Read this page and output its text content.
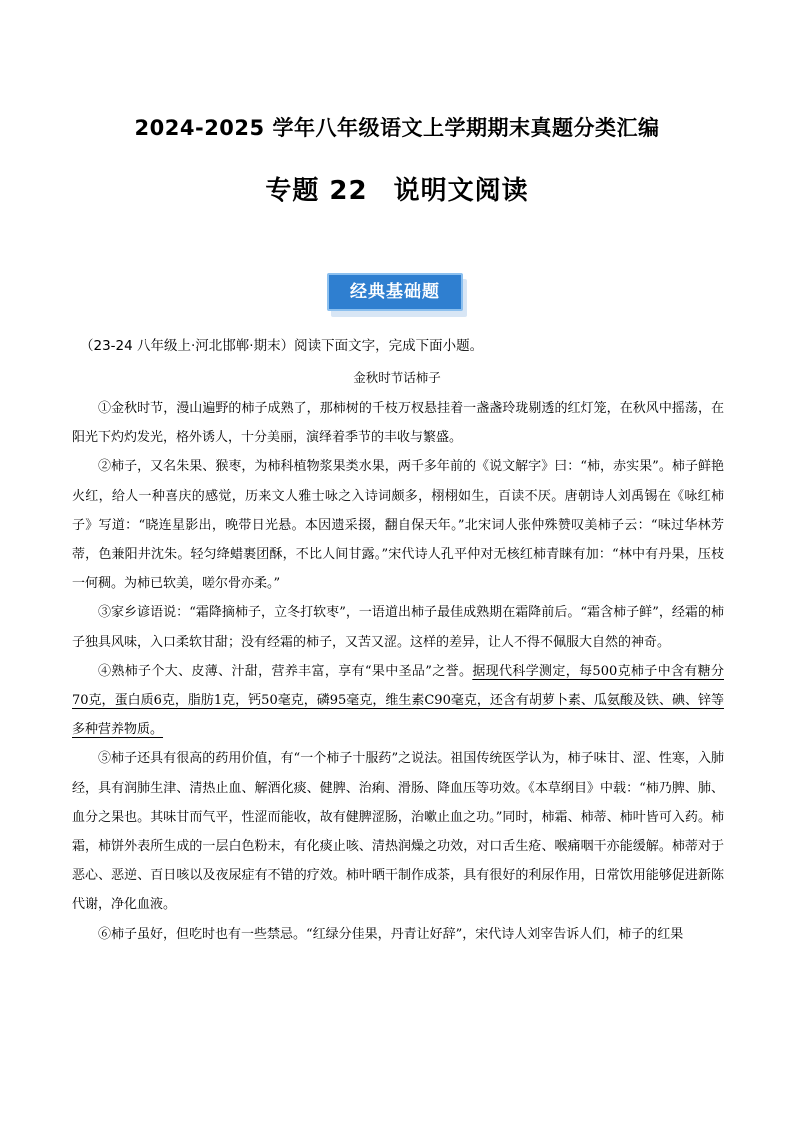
2024-2025 学年八年级语文上学期期末真题分类汇编
专题 22 说明文阅读
经典基础题
（23-24 八年级上·河北邯郸·期末）阅读下面文字，完成下面小题。
金秋时节话柿子

①金秋时节，漫山遍野的柿子成熟了，那柿树的千枝万杈悬挂着一盏盏玲珑剔透的红灯笼，在秋风中摇荡，在阳光下灼灼发光，格外诱人，十分美丽，演绎着季节的丰收与繁盛。

②柿子，又名朱果、猴枣，为柿科植物浆果类水果，两千多年前的《说文解字》曰：“柿，赤实果”。柿子鲜艳火红，给人一种喜庆的感觉，历来文人雅士咏之入诗词颇多，栩栩如生，百读不厌。唐朝诗人刘禹锡在《咏红柿子》写道：“晓连星影出，晚带日光悬。本因遗采掇，翻自保天年。”北宋词人张仲殊赞叹美柿子云：“味过华林芳蒂，色兼阳井沈朱。轻匀绛蜡裹团酥，不比人间甘露。”宋代诗人孔平仲对无核红柿青睐有加：“林中有丹果，压枝一何稠。为柿已软美，嗟尔骨亦柔。”

③家乡谚语说：“霜降摘柿子，立冬打软枣”，一语道出柿子最佳成熟期在霜降前后。“霜含柿子鲜”，经霜的柿子独具风味，入口柔软甘甜；没有经霜的柿子，又苦又涩。这样的差异，让人不得不佩服大自然的神奇。

④熟柿子个大、皮薄、汁甜，营养丰富，享有“果中圣品”之誉。据现代科学测定，每500克柿子中含有糖分70克，蛋白质6克，脂肪1克，钙50毫克，磷95毫克，维生素C90毫克，还含有胡萝卜素、瓜氨酸及铁、碘、锌等多种营养物质。

⑤柿子还具有很高的药用价值，有“一个柿子十服药”之说法。祖国传统医学认为，柿子味甘、涩、性寒，入肺经，具有润肺生津、清热止血、解酒化痰、健脾、治痢、滑肠、降血压等功效。《本草纲目》中载：“柿乃脾、肺、血分之果也。其味甘而气平，性涩而能收，故有健脾涩肠，治嗽止血之功。”同时，柿霜、柿蒂、柿叶皆可入药。柿霜，柿饼外表所生成的一层白色粉末，有化痰止咳、清热润燥之功效，对口舌生疮、喉痛咽干亦能缓解。柿蒂对于恶心、恶逆、百日咳以及夜尿症有不错的疗效。柿叶晒干制作成茶，具有很好的利尿作用，日常饮用能够促进新陈代谢，净化血液。

⑥柿子虽好，但吃时也有一些禁忌。“红绿分佳果，丹青让好辞”，宋代诗人刘宰告诉人们，柿子的红果
